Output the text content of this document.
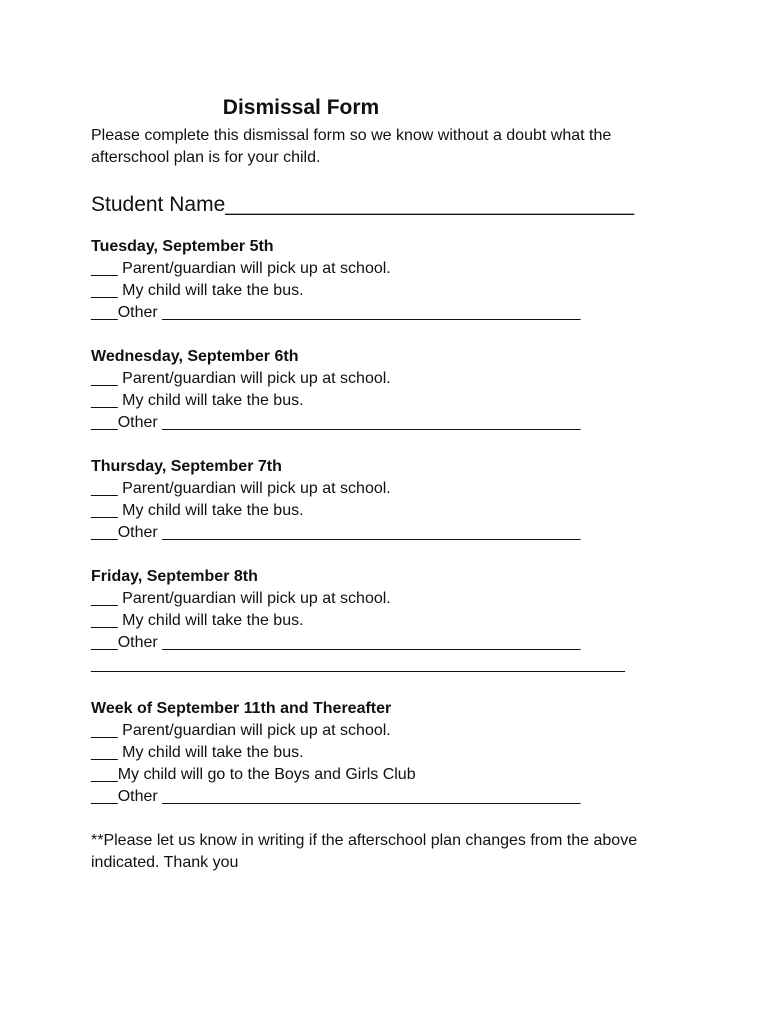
Dismissal Form
Please complete this dismissal form so we know without a doubt what the afterschool plan is for your child.
Student Name___________________________________
Tuesday, September 5th
___ Parent/guardian will pick up at school.
___ My child will take the bus.
___Other _______________________________________________
Wednesday, September 6th
___ Parent/guardian will pick up at school.
___ My child will take the bus.
___Other _______________________________________________
Thursday, September 7th
___ Parent/guardian will pick up at school.
___ My child will take the bus.
___Other _______________________________________________
Friday, September 8th
___ Parent/guardian will pick up at school.
___ My child will take the bus.
___Other _______________________________________________
____________________________________________________________
Week of September 11th and Thereafter
___ Parent/guardian will pick up at school.
___ My child will take the bus.
___My child will go to the Boys and Girls Club
___Other _______________________________________________
**Please let us know in writing if the afterschool plan changes from the above indicated. Thank you
